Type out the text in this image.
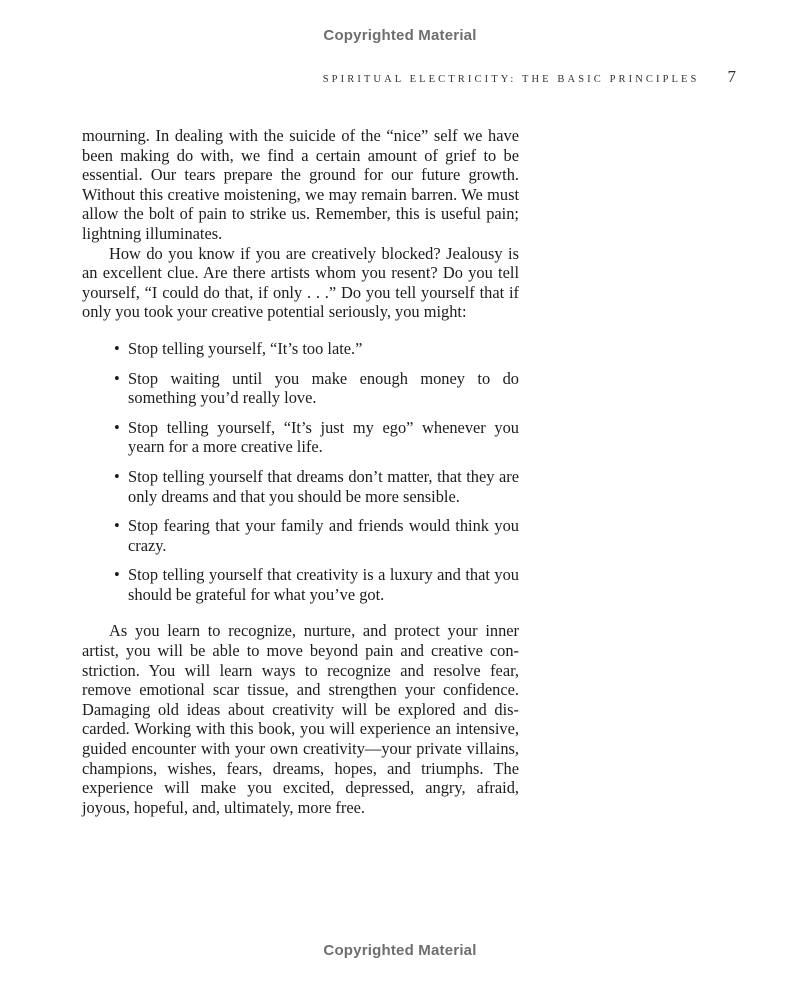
Copyrighted Material
SPIRITUAL ELECTRICITY: THE BASIC PRINCIPLES 7

mourning. In dealing with the suicide of the “nice” self we have been making do with, we find a certain amount of grief to be essential. Our tears prepare the ground for our future growth. Without this creative moistening, we may remain barren. We must allow the bolt of pain to strike us. Remember, this is useful pain; lightning illuminates.

How do you know if you are creatively blocked? Jealousy is an excellent clue. Are there artists whom you resent? Do you tell yourself, “I could do that, if only . . .” Do you tell yourself that if only you took your creative potential seriously, you might:

• Stop telling yourself, “It’s too late.”
• Stop waiting until you make enough money to do something you’d really love.
• Stop telling yourself, “It’s just my ego” whenever you yearn for a more creative life.
• Stop telling yourself that dreams don’t matter, that they are only dreams and that you should be more sensible.
• Stop fearing that your family and friends would think you crazy.
• Stop telling yourself that creativity is a luxury and that you should be grateful for what you’ve got.

As you learn to recognize, nurture, and protect your inner artist, you will be able to move beyond pain and creative constriction. You will learn ways to recognize and resolve fear, remove emotional scar tissue, and strengthen your confidence. Damaging old ideas about creativity will be explored and discarded. Working with this book, you will experience an intensive, guided encounter with your own creativity—your private villains, champions, wishes, fears, dreams, hopes, and triumphs. The experience will make you excited, depressed, angry, afraid, joyous, hopeful, and, ultimately, more free.

Copyrighted Material
